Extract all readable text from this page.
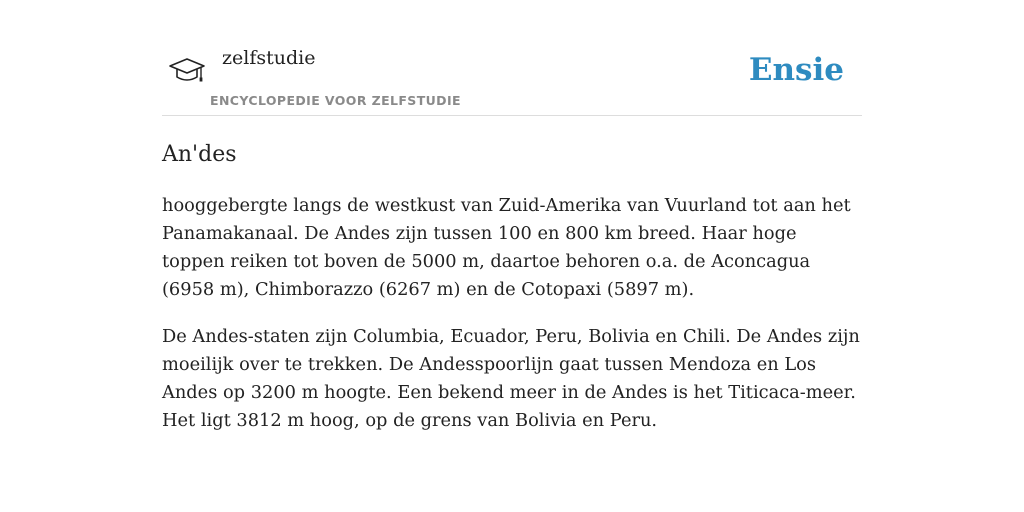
zelfstudie
ENCYCLOPEDIE VOOR ZELFSTUDIE
Ensie
An'des

hooggebergte langs de westkust van Zuid-Amerika van Vuurland tot aan het Panamakanaal. De Andes zijn tussen 100 en 800 km breed. Haar hoge toppen reiken tot boven de 5000 m, daartoe behoren o.a. de Aconcagua (6958 m), Chimborazzo (6267 m) en de Cotopaxi (5897 m).

De Andes-staten zijn Columbia, Ecuador, Peru, Bolivia en Chili. De Andes zijn moeilijk over te trekken. De Andesspoorlijn gaat tussen Mendoza en Los Andes op 3200 m hoogte. Een bekend meer in de Andes is het Titicaca-meer. Het ligt 3812 m hoog, op de grens van Bolivia en Peru.
